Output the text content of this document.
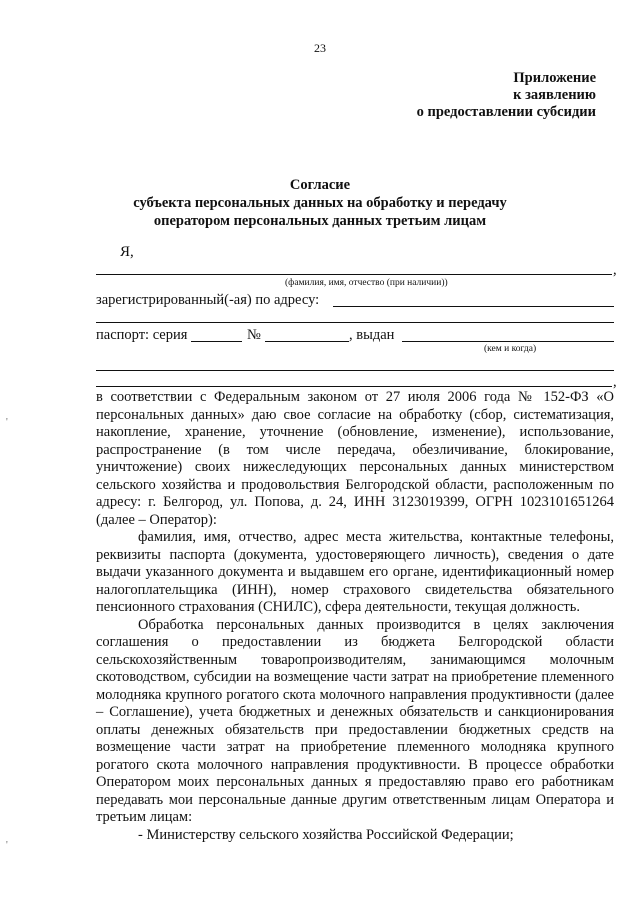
23
Приложение
к заявлению
о предоставлении субсидии
Согласие
субъекта персональных данных на обработку и передачу
оператором персональных данных третьим лицам
Я,
,
(фамилия, имя, отчество (при наличии))
зарегистрированный(-ая) по адресу:
паспорт: серия	№	, выдан
(кем и когда)
,
'
'

в соответствии с Федеральным законом от 27 июля 2006 года № 152-ФЗ «О персональных данных» даю свое согласие на обработку (сбор, систематизация, накопление, хранение, уточнение (обновление, изменение), использование, распространение (в том числе передача, обезличивание, блокирование, уничтожение) своих нижеследующих персональных данных министерством сельского хозяйства и продовольствия Белгородской области, расположенным по адресу: г. Белгород, ул. Попова, д. 24, ИНН 3123019399, ОГРН 1023101651264 (далее – Оператор):

фамилия, имя, отчество, адрес места жительства, контактные телефоны, реквизиты паспорта (документа, удостоверяющего личность), сведения о дате выдачи указанного документа и выдавшем его органе, идентификационный номер налогоплательщика (ИНН), номер страхового свидетельства обязательного пенсионного страхования (СНИЛС), сфера деятельности, текущая должность.

Обработка персональных данных производится в целях заключения соглашения о предоставлении из бюджета Белгородской области сельскохозяйственным товаропроизводителям, занимающимся молочным скотоводством, субсидии на возмещение части затрат на приобретение племенного молодняка крупного рогатого скота молочного направления продуктивности (далее – Соглашение), учета бюджетных и денежных обязательств и санкционирования оплаты денежных обязательств при предоставлении бюджетных средств на возмещение части затрат на приобретение племенного молодняка крупного рогатого скота молочного направления продуктивности. В процессе обработки Оператором моих персональных данных я предоставляю право его работникам передавать мои персональные данные другим ответственным лицам Оператора и третьим лицам:

- Министерству сельского хозяйства Российской Федерации;
